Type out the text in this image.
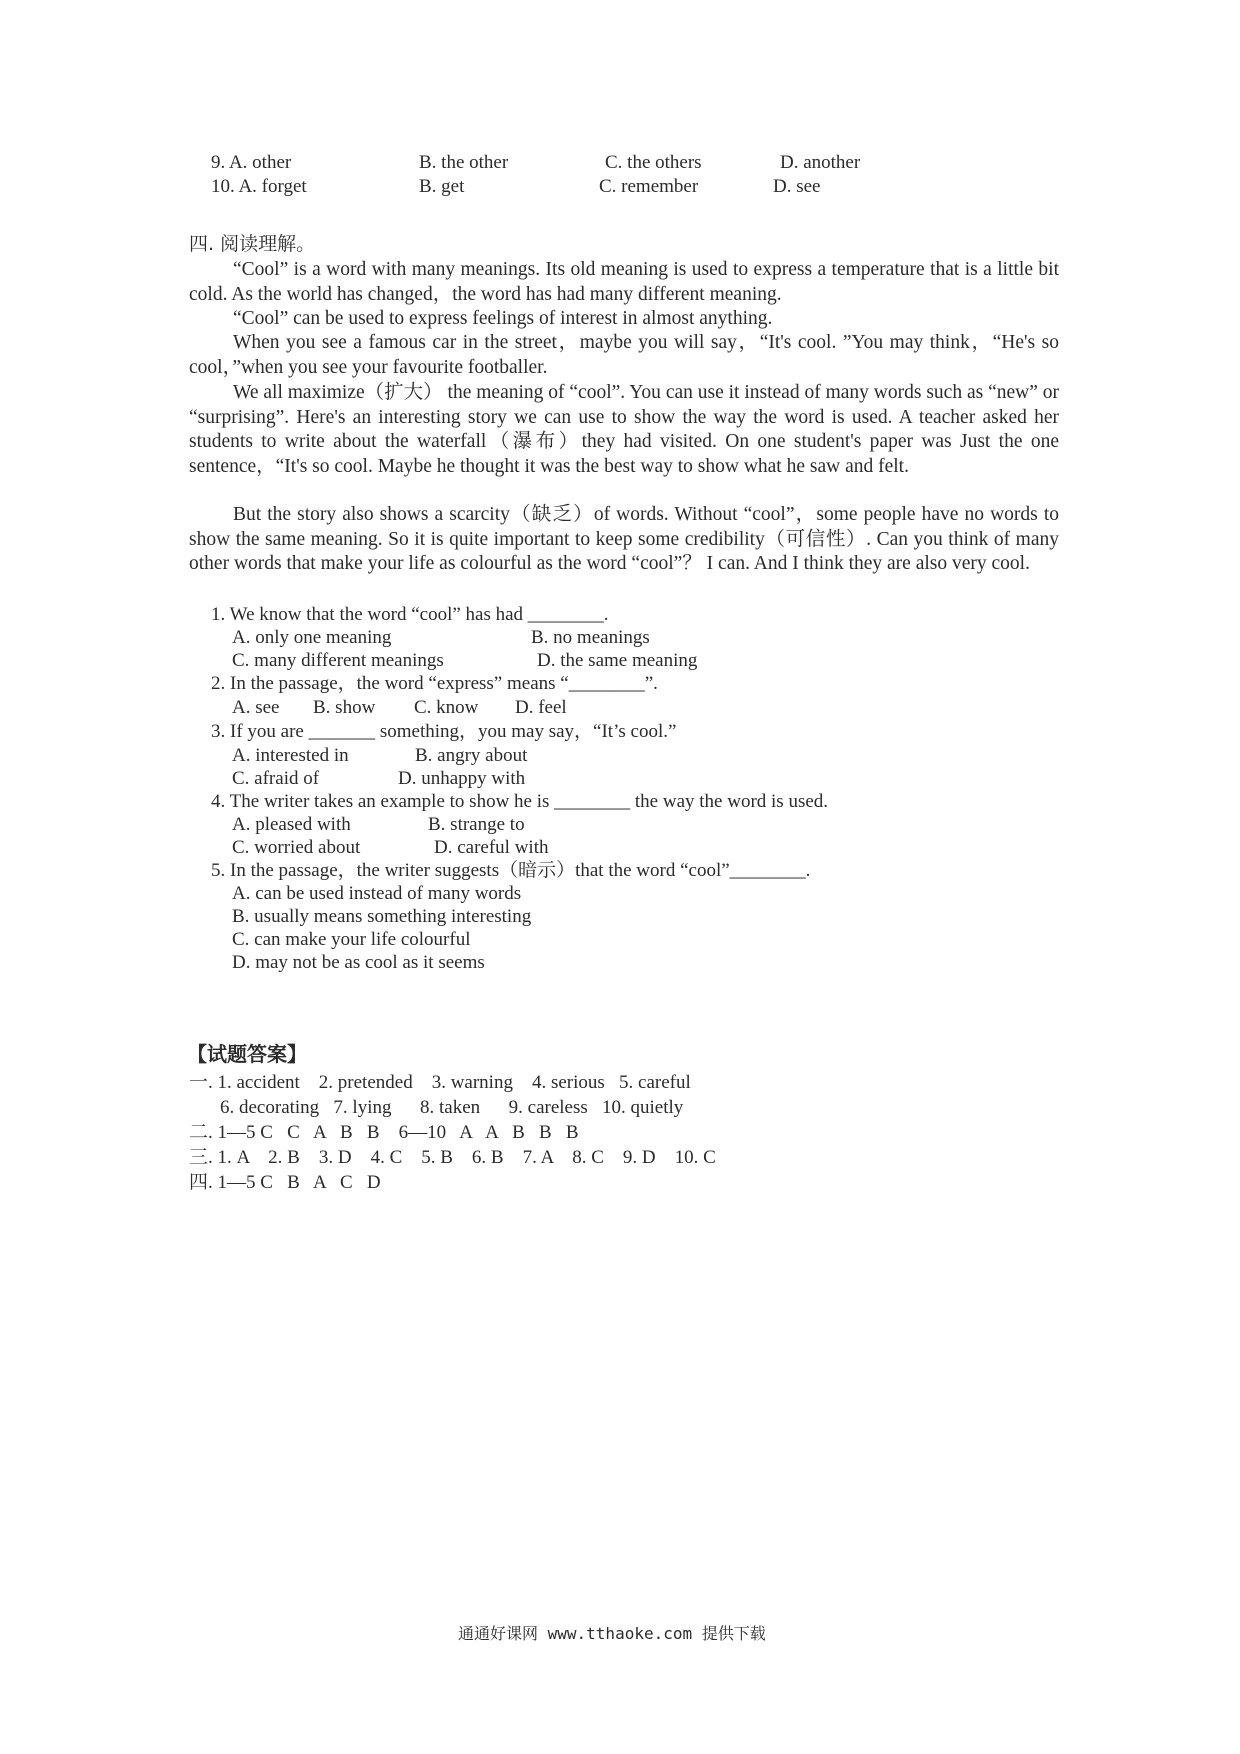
9. A. other	B. the other	C. the others	D. another
10. A. forget	B. get	C. remember	D. see
四. 阅读理解。
“Cool” is a word with many meanings. Its old meaning is used to express a temperature that is a little bit cold. As the world has changed，the word has had many different meaning.
“Cool” can be used to express feelings of interest in almost anything.
When you see a famous car in the street，maybe you will say，“It's cool. ”You may think，“He's so cool，”when you see your favourite footballer.
We all maximize（扩大） the meaning of “cool”. You can use it instead of many words such as “new” or “surprising”. Here's an interesting story we can use to show the way the word is used. A teacher asked her students to write about the waterfall（瀑布）they had visited. On one student's paper was Just the one sentence，“It's so cool. Maybe he thought it was the best way to show what he saw and felt.
But the story also shows a scarcity（缺乏）of words. Without “cool”，some people have no words to show the same meaning. So it is quite important to keep some credibility（可信性）. Can you think of many other words that make your life as colourful as the word “cool”？ I can. And I think they are also very cool.
1. We know that the word “cool” has had ________.
A. only one meaning	B. no meanings
C. many different meanings	D. the same meaning
2. In the passage，the word “express” means “________”.
A. see B. show C. know D. feel
3. If you are _______ something，you may say，“It’s cool.”
A. interested in	B. angry about
C. afraid of	D. unhappy with
4. The writer takes an example to show he is ________ the way the word is used.
A. pleased with	B. strange to
C. worried about	D. careful with
5. In the passage，the writer suggests（暗示）that the word “cool”________.
A. can be used instead of many words
B. usually means something interesting
C. can make your life colourful
D. may not be as cool as it seems
【试题答案】
一. 1. accident    2. pretended    3. warning    4. serious   5. careful
6. decorating   7. lying      8. taken      9. careless   10. quietly
二. 1—5 C   C   A   B   B    6—10   A   A   B   B   B
三. 1. A    2. B    3. D    4. C    5. B    6. B    7. A    8. C    9. D    10. C
四. 1—5 C   B   A   C   D
通通好课网 www.tthaoke.com 提供下载
